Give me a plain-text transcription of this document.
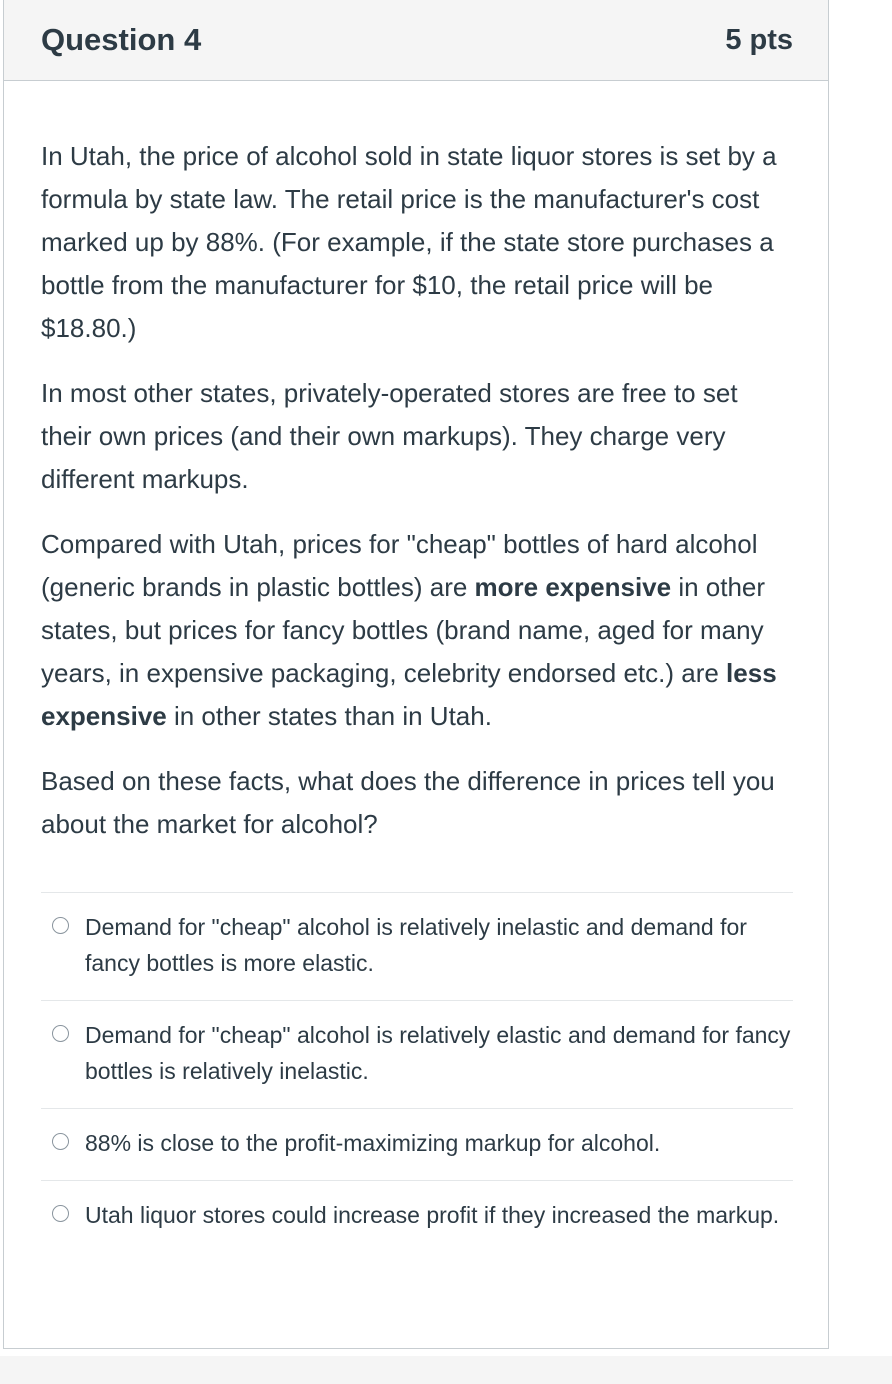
Question 4	5 pts

In Utah, the price of alcohol sold in state liquor stores is set by a formula by state law. The retail price is the manufacturer's cost marked up by 88%. (For example, if the state store purchases a bottle from the manufacturer for $10, the retail price will be $18.80.)

In most other states, privately-operated stores are free to set their own prices (and their own markups). They charge very different markups.

Compared with Utah, prices for "cheap" bottles of hard alcohol (generic brands in plastic bottles) are more expensive in other states, but prices for fancy bottles (brand name, aged for many years, in expensive packaging, celebrity endorsed etc.) are less expensive in other states than in Utah.

Based on these facts, what does the difference in prices tell you about the market for alcohol?

Demand for "cheap" alcohol is relatively inelastic and demand for fancy bottles is more elastic.
Demand for "cheap" alcohol is relatively elastic and demand for fancy bottles is relatively inelastic.
88% is close to the profit-maximizing markup for alcohol.
Utah liquor stores could increase profit if they increased the markup.
